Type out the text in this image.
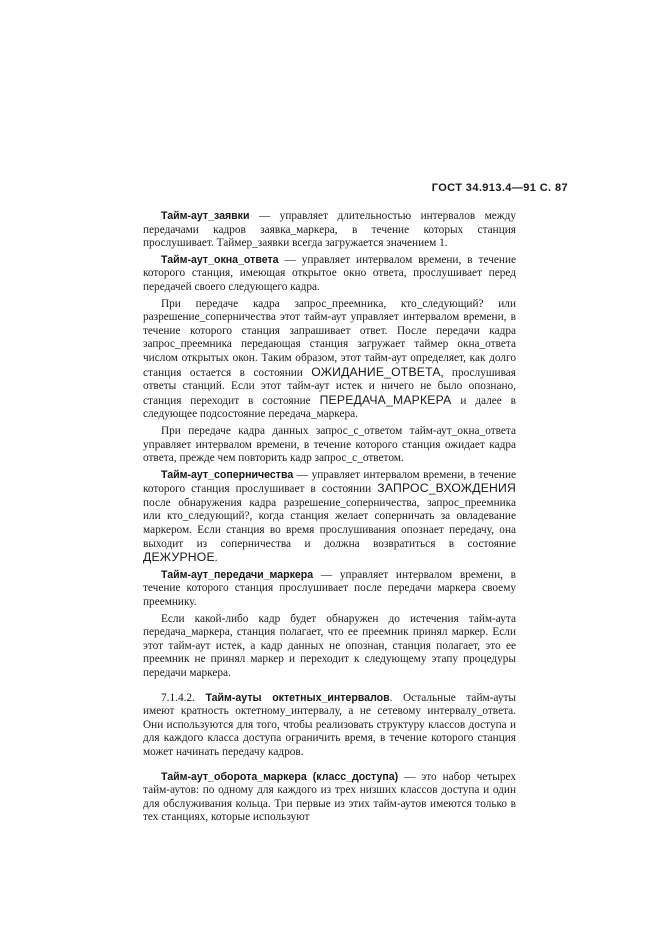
ГОСТ 34.913.4—91 С. 87

Тайм-аут_заявки — управляет длительностью интервалов между передачами кадров заявка_маркера, в течение которых станция прослушивает. Таймер_заявки всегда загружается значением 1.

Тайм-аут_окна_ответа — управляет интервалом времени, в течение которого станция, имеющая открытое окно ответа, прослушивает перед передачей своего следующего кадра.

При передаче кадра запрос_преемника, кто_следующий? или разрешение_соперничества этот тайм-аут управляет интервалом времени, в течение которого станция запрашивает ответ. После передачи кадра запрос_преемника передающая станция загружает таймер окна_ответа числом открытых окон. Таким образом, этот тайм-аут определяет, как долго станция остается в состоянии ОЖИДАНИЕ_ОТВЕТА, прослушивая ответы станций. Если этот тайм-аут истек и ничего не было опознано, станция переходит в состояние ПЕРЕДАЧА_МАРКЕРА и далее в следующее подсостояние передача_маркера.

При передаче кадра данных запрос_с_ответом тайм-аут_окна_ответа управляет интервалом времени, в течение которого станция ожидает кадра ответа, прежде чем повторить кадр запрос_с_ответом.

Тайм-аут_соперничества — управляет интервалом времени, в течение которого станция прослушивает в состоянии ЗАПРОС_ВХОЖДЕНИЯ после обнаружения кадра разрешение_соперничества, запрос_преемника или кто_следующий?, когда станция желает соперничать за овладевание маркером. Если станция во время прослушивания опознает передачу, она выходит из соперничества и должна возвратиться в состояние ДЕЖУРНОЕ.

Тайм-аут_передачи_маркера — управляет интервалом времени, в течение которого станция прослушивает после передачи маркера своему преемнику.

Если какой-либо кадр будет обнаружен до истечения тайм-аута передача_маркера, станция полагает, что ее преемник принял маркер. Если этот тайм-аут истек, а кадр данных не опознан, станция полагает, это ее преемник не принял маркер и переходит к следующему этапу процедуры передачи маркера.

7.1.4.2. Тайм-ауты октетных_интервалов. Остальные тайм-ауты имеют кратность октетному_интервалу, а не сетевому интервалу_ответа. Они используются для того, чтобы реализовать структуру классов доступа и для каждого класса доступа ограничить время, в течение которого станция может начинать передачу кадров.

Тайм-аут_оборота_маркера (класс_доступа) — это набор четырех тайм-аутов: по одному для каждого из трех низших классов доступа и один для обслуживания кольца. Три первые из этих тайм-аутов имеются только в тех станциях, которые используют
